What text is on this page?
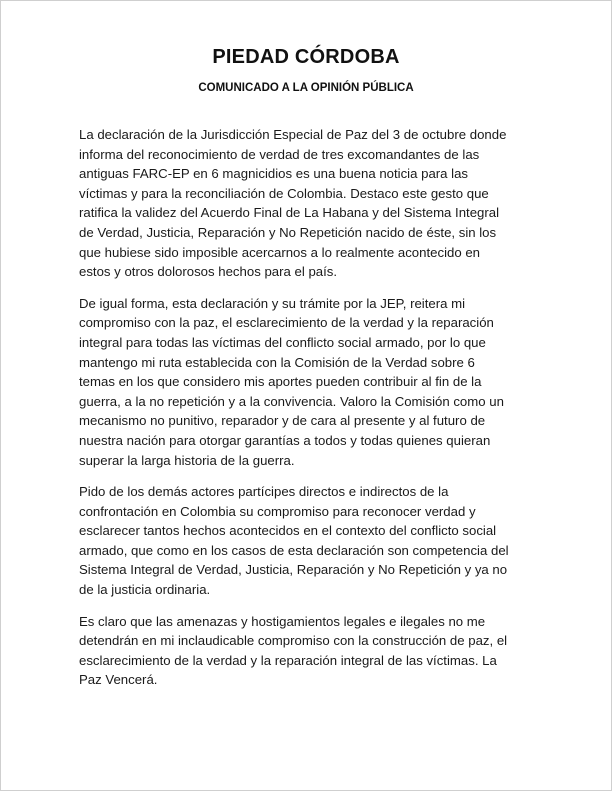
PIEDAD CÓRDOBA
COMUNICADO A LA OPINIÓN PÚBLICA

La declaración de la Jurisdicción Especial de Paz del 3 de octubre donde
informa del reconocimiento de verdad de tres excomandantes de las
antiguas FARC-EP en 6 magnicidios es una buena noticia para las
víctimas y para la reconciliación de Colombia. Destaco este gesto que
ratifica la validez del Acuerdo Final de La Habana y del Sistema Integral
de Verdad, Justicia, Reparación y No Repetición nacido de éste, sin los
que hubiese sido imposible acercarnos a lo realmente acontecido en
estos y otros dolorosos hechos para el país.

De igual forma, esta declaración y su trámite por la JEP, reitera mi
compromiso con la paz, el esclarecimiento de la verdad y la reparación
integral para todas las víctimas del conflicto social armado, por lo que
mantengo mi ruta establecida con la Comisión de la Verdad sobre 6
temas en los que considero mis aportes pueden contribuir al fin de la
guerra, a la no repetición y a la convivencia. Valoro la Comisión como un
mecanismo no punitivo, reparador y de cara al presente y al futuro de
nuestra nación para otorgar garantías a todos y todas quienes quieran
superar la larga historia de la guerra.

Pido de los demás actores partícipes directos e indirectos de la
confrontación en Colombia su compromiso para reconocer verdad y
esclarecer tantos hechos acontecidos en el contexto del conflicto social
armado, que como en los casos de esta declaración son competencia del
Sistema Integral de Verdad, Justicia, Reparación y No Repetición y ya no
de la justicia ordinaria.

Es claro que las amenazas y hostigamientos legales e ilegales no me
detendrán en mi inclaudicable compromiso con la construcción de paz, el
esclarecimiento de la verdad y la reparación integral de las víctimas. La
Paz Vencerá.
